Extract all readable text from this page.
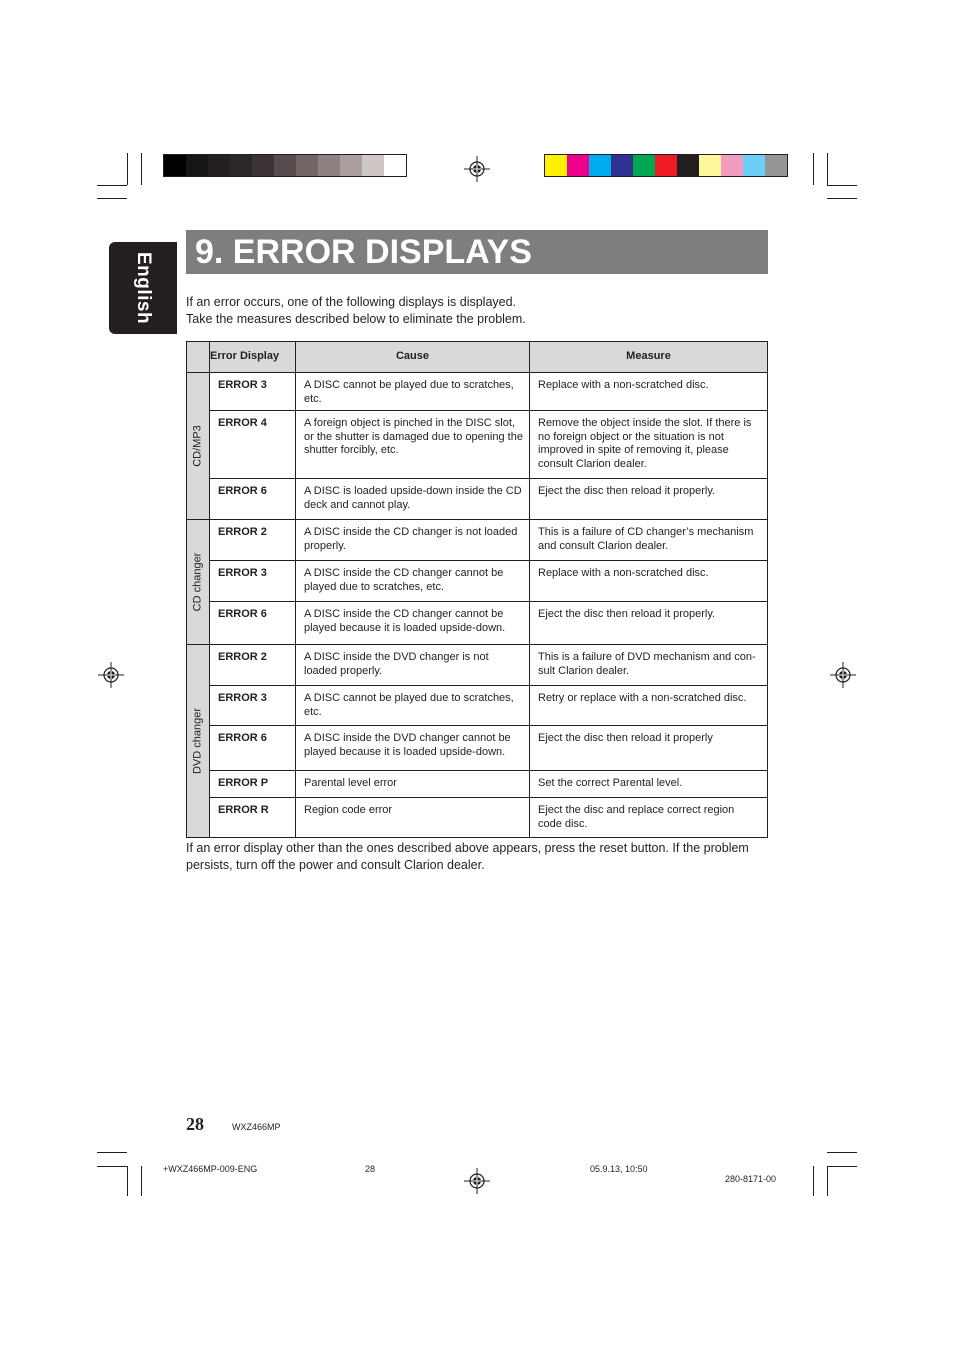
English 9. ERROR DISPLAYS
If an error occurs, one of the following displays is displayed.
Take the measures described below to eliminate the problem.
	Error Display	Cause	Measure

CD/MP3	ERROR 3	A DISC cannot be played due to scratches, etc.	Replace with a non-scratched disc.
	ERROR 4	A foreign object is pinched in the DISC slot, or the shutter is damaged due to opening the shutter forcibly, etc.	Remove the object inside the slot. If there is no foreign object or the situation is not improved in spite of removing it, please consult Clarion dealer.
	ERROR 6	A DISC is loaded upside-down inside the CD deck and cannot play.	Eject the disc then reload it properly.

CD changer	ERROR 2	A DISC inside the CD changer is not loaded properly.	This is a failure of CD changer’s mechanism and consult Clarion dealer.
	ERROR 3	A DISC inside the CD changer cannot be played due to scratches, etc.	Replace with a non-scratched disc.
	ERROR 6	A DISC inside the CD changer cannot be played because it is loaded upside-down.	Eject the disc then reload it properly.

DVD changer	ERROR 2	A DISC inside the DVD changer is not loaded properly.	This is a failure of DVD mechanism and con- sult Clarion dealer.
	ERROR 3	A DISC cannot be played due to scratches, etc.	Retry or replace with a non-scratched disc.
	ERROR 6	A DISC inside the DVD changer cannot be played because it is loaded upside-down.	Eject the disc then reload it properly
	ERROR P	Parental level error	Set the correct Parental level.
	ERROR R	Region code error	Eject the disc and replace correct region code disc.
If an error display other than the ones described above appears, press the reset button. If the problem persists, turn off the power and consult Clarion dealer.
28	WXZ466MP
+WXZ466MP-009-ENG	28	05.9.13, 10:50
280-8171-00
